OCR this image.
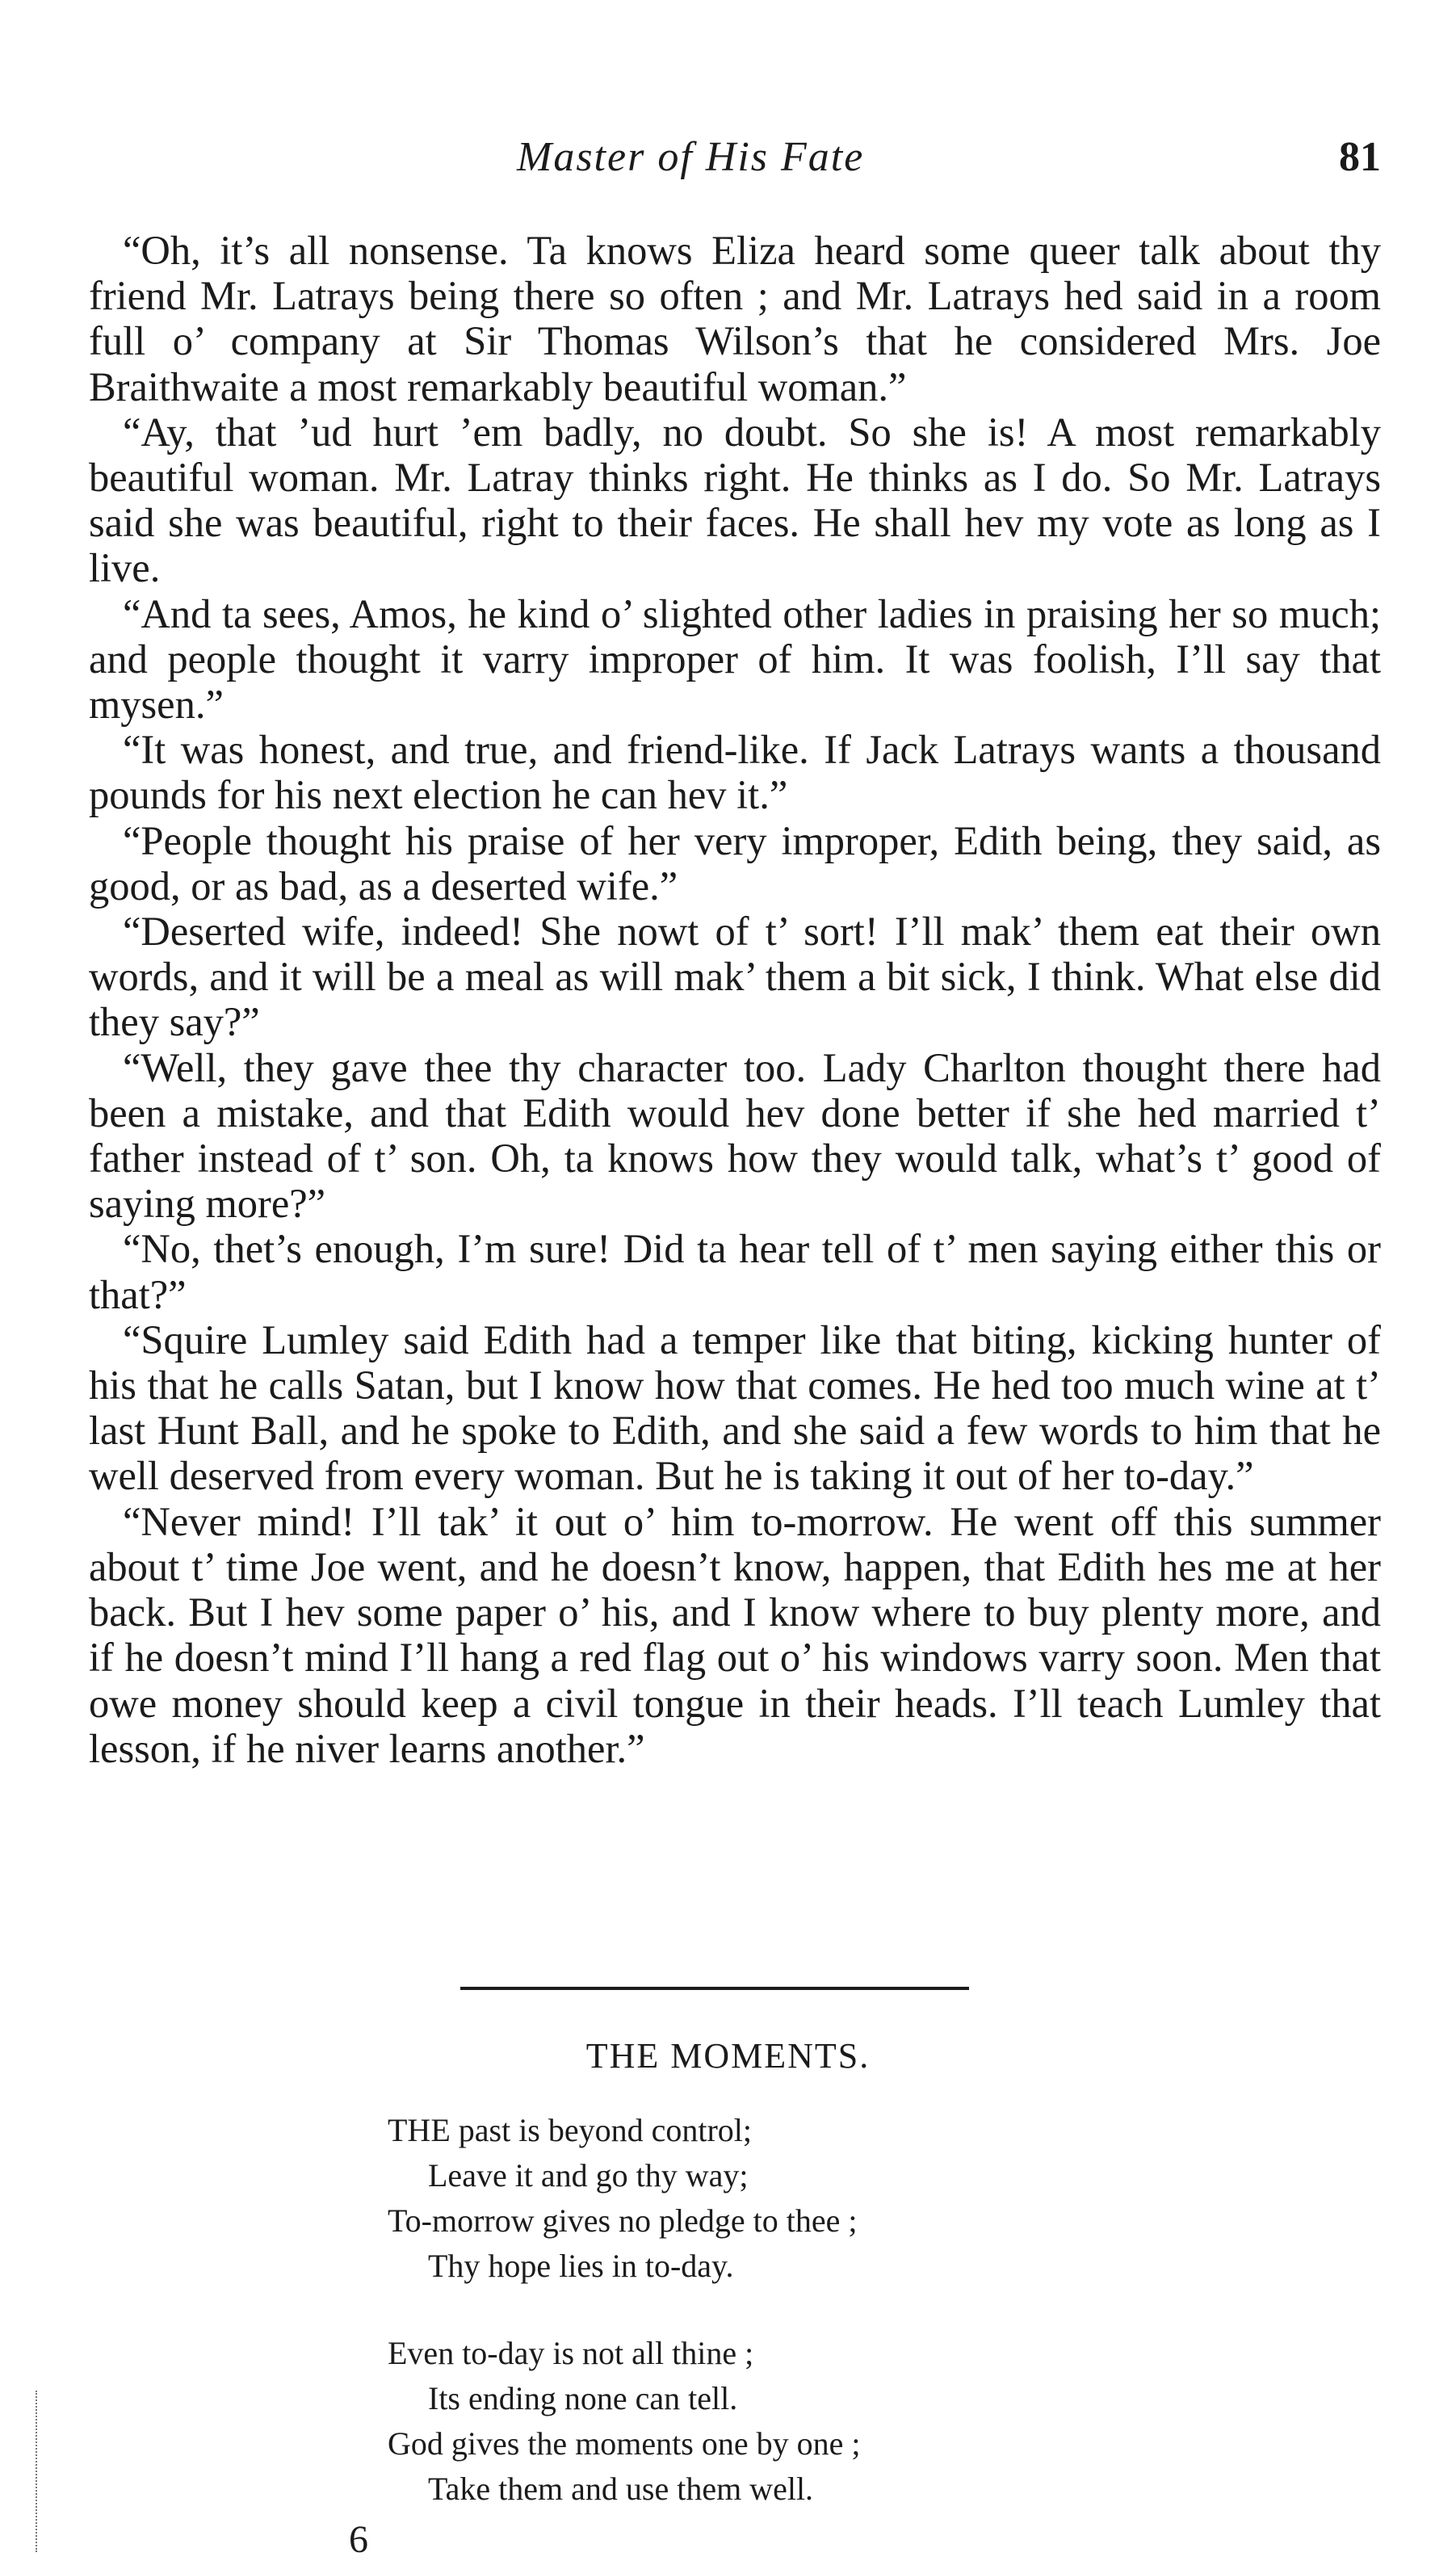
Master of His Fate	81

“Oh, it’s all nonsense. Ta knows Eliza heard some queer talk about thy friend Mr. Latrays being there so often ; and Mr. Latrays hed said in a room full o’ company at Sir Thomas Wilson’s that he considered Mrs. Joe Braithwaite a most remarkably beautiful woman.”

“Ay, that ’ud hurt ’em badly, no doubt. So she is! A most remarkably beautiful woman. Mr. Latray thinks right. He thinks as I do. So Mr. Latrays said she was beautiful, right to their faces. He shall hev my vote as long as I live.

“And ta sees, Amos, he kind o’ slighted other ladies in praising her so much; and people thought it varry improper of him. It was foolish, I’ll say that mysen.”

“It was honest, and true, and friend-like. If Jack Latrays wants a thousand pounds for his next election he can hev it.”

“People thought his praise of her very improper, Edith being, they said, as good, or as bad, as a deserted wife.”

“Deserted wife, indeed! She nowt of t’ sort! I’ll mak’ them eat their own words, and it will be a meal as will mak’ them a bit sick, I think. What else did they say?”

“Well, they gave thee thy character too. Lady Charlton thought there had been a mistake, and that Edith would hev done better if she hed married t’ father instead of t’ son. Oh, ta knows how they would talk, what’s t’ good of saying more?”

“No, thet’s enough, I’m sure! Did ta hear tell of t’ men saying either this or that?”

“Squire Lumley said Edith had a temper like that biting, kicking hunter of his that he calls Satan, but I know how that comes. He hed too much wine at t’ last Hunt Ball, and he spoke to Edith, and she said a few words to him that he well deserved from every woman. But he is taking it out of her to-day.”

“Never mind! I’ll tak’ it out o’ him to-morrow. He went off this summer about t’ time Joe went, and he doesn’t know, happen, that Edith hes me at her back. But I hev some paper o’ his, and I know where to buy plenty more, and if he doesn’t mind I’ll hang a red flag out o’ his windows varry soon. Men that owe money should keep a civil tongue in their heads. I’ll teach Lumley that lesson, if he niver learns another.”

THE MOMENTS.
THE past is beyond control;
Leave it and go thy way;
To-morrow gives no pledge to thee ;
Thy hope lies in to-day.
Even to-day is not all thine ;
Its ending none can tell.
God gives the moments one by one ;
Take them and use them well.
6
